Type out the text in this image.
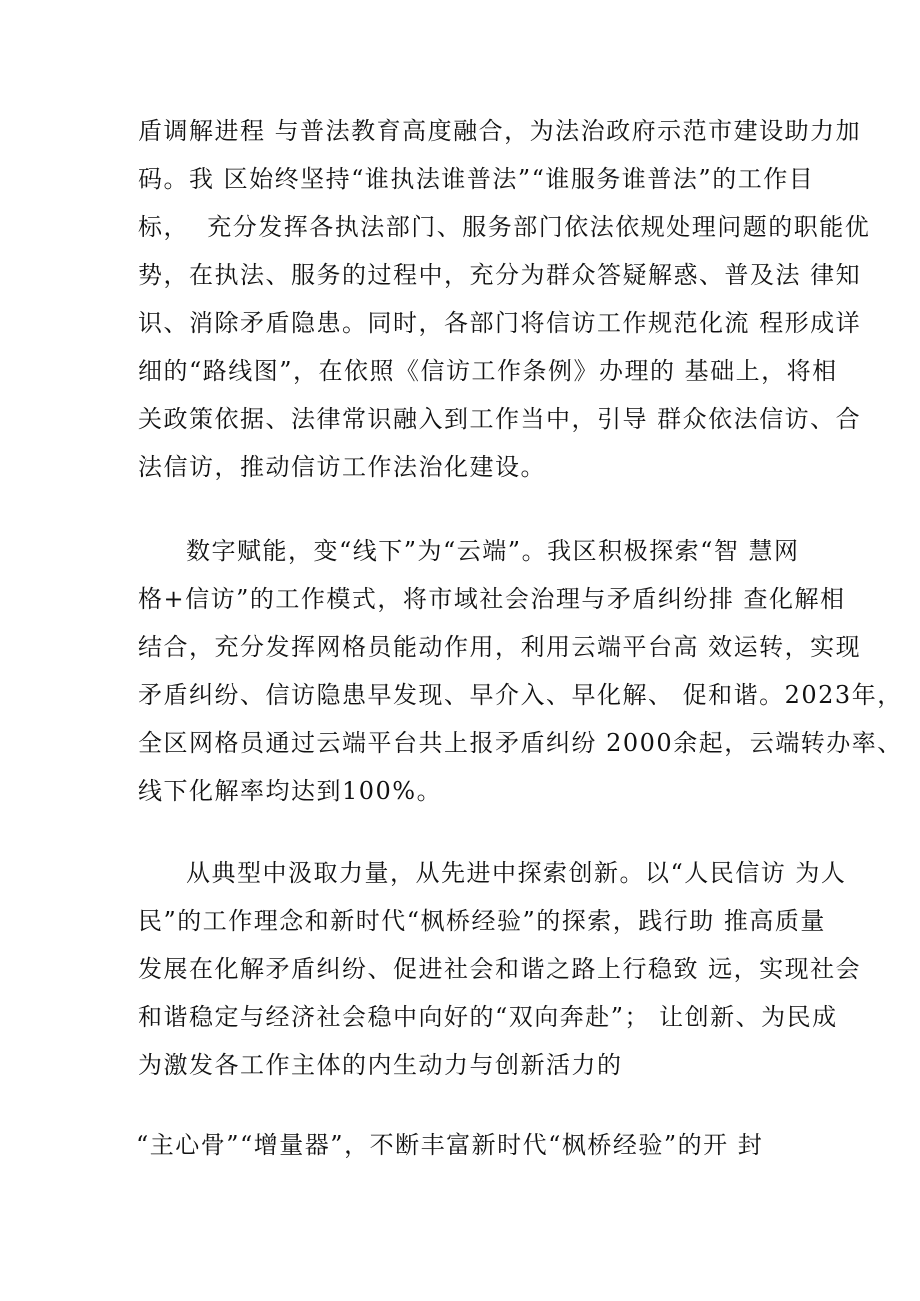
盾调解进程 与普法教育高度融合，为法治政府示范市建设助力加
码。我 区始终坚持“谁执法谁普法”“谁服务谁普法”的工作目
标，  充分发挥各执法部门、服务部门依法依规处理问题的职能优
势，在执法、服务的过程中，充分为群众答疑解惑、普及法 律知
识、消除矛盾隐患。同时，各部门将信访工作规范化流 程形成详
细的“路线图”，在依照《信访工作条例》办理的 基础上，将相
关政策依据、法律常识融入到工作当中，引导 群众依法信访、合
法信访，推动信访工作法治化建设。
数字赋能，变“线下”为“云端”。我区积极探索“智 慧网
格+信访”的工作模式，将市域社会治理与矛盾纠纷排 查化解相
结合，充分发挥网格员能动作用，利用云端平台高 效运转，实现
矛盾纠纷、信访隐患早发现、早介入、早化解、 促和谐。2023年，
全区网格员通过云端平台共上报矛盾纠纷 2000余起，云端转办率、
线下化解率均达到100%。
从典型中汲取力量，从先进中探索创新。以“人民信访 为人
民”的工作理念和新时代“枫桥经验”的探索，践行助 推高质量
发展在化解矛盾纠纷、促进社会和谐之路上行稳致 远，实现社会
和谐稳定与经济社会稳中向好的“双向奔赴”； 让创新、为民成
为激发各工作主体的内生动力与创新活力的
“主心骨”“增量器”，不断丰富新时代“枫桥经验”的开 封
